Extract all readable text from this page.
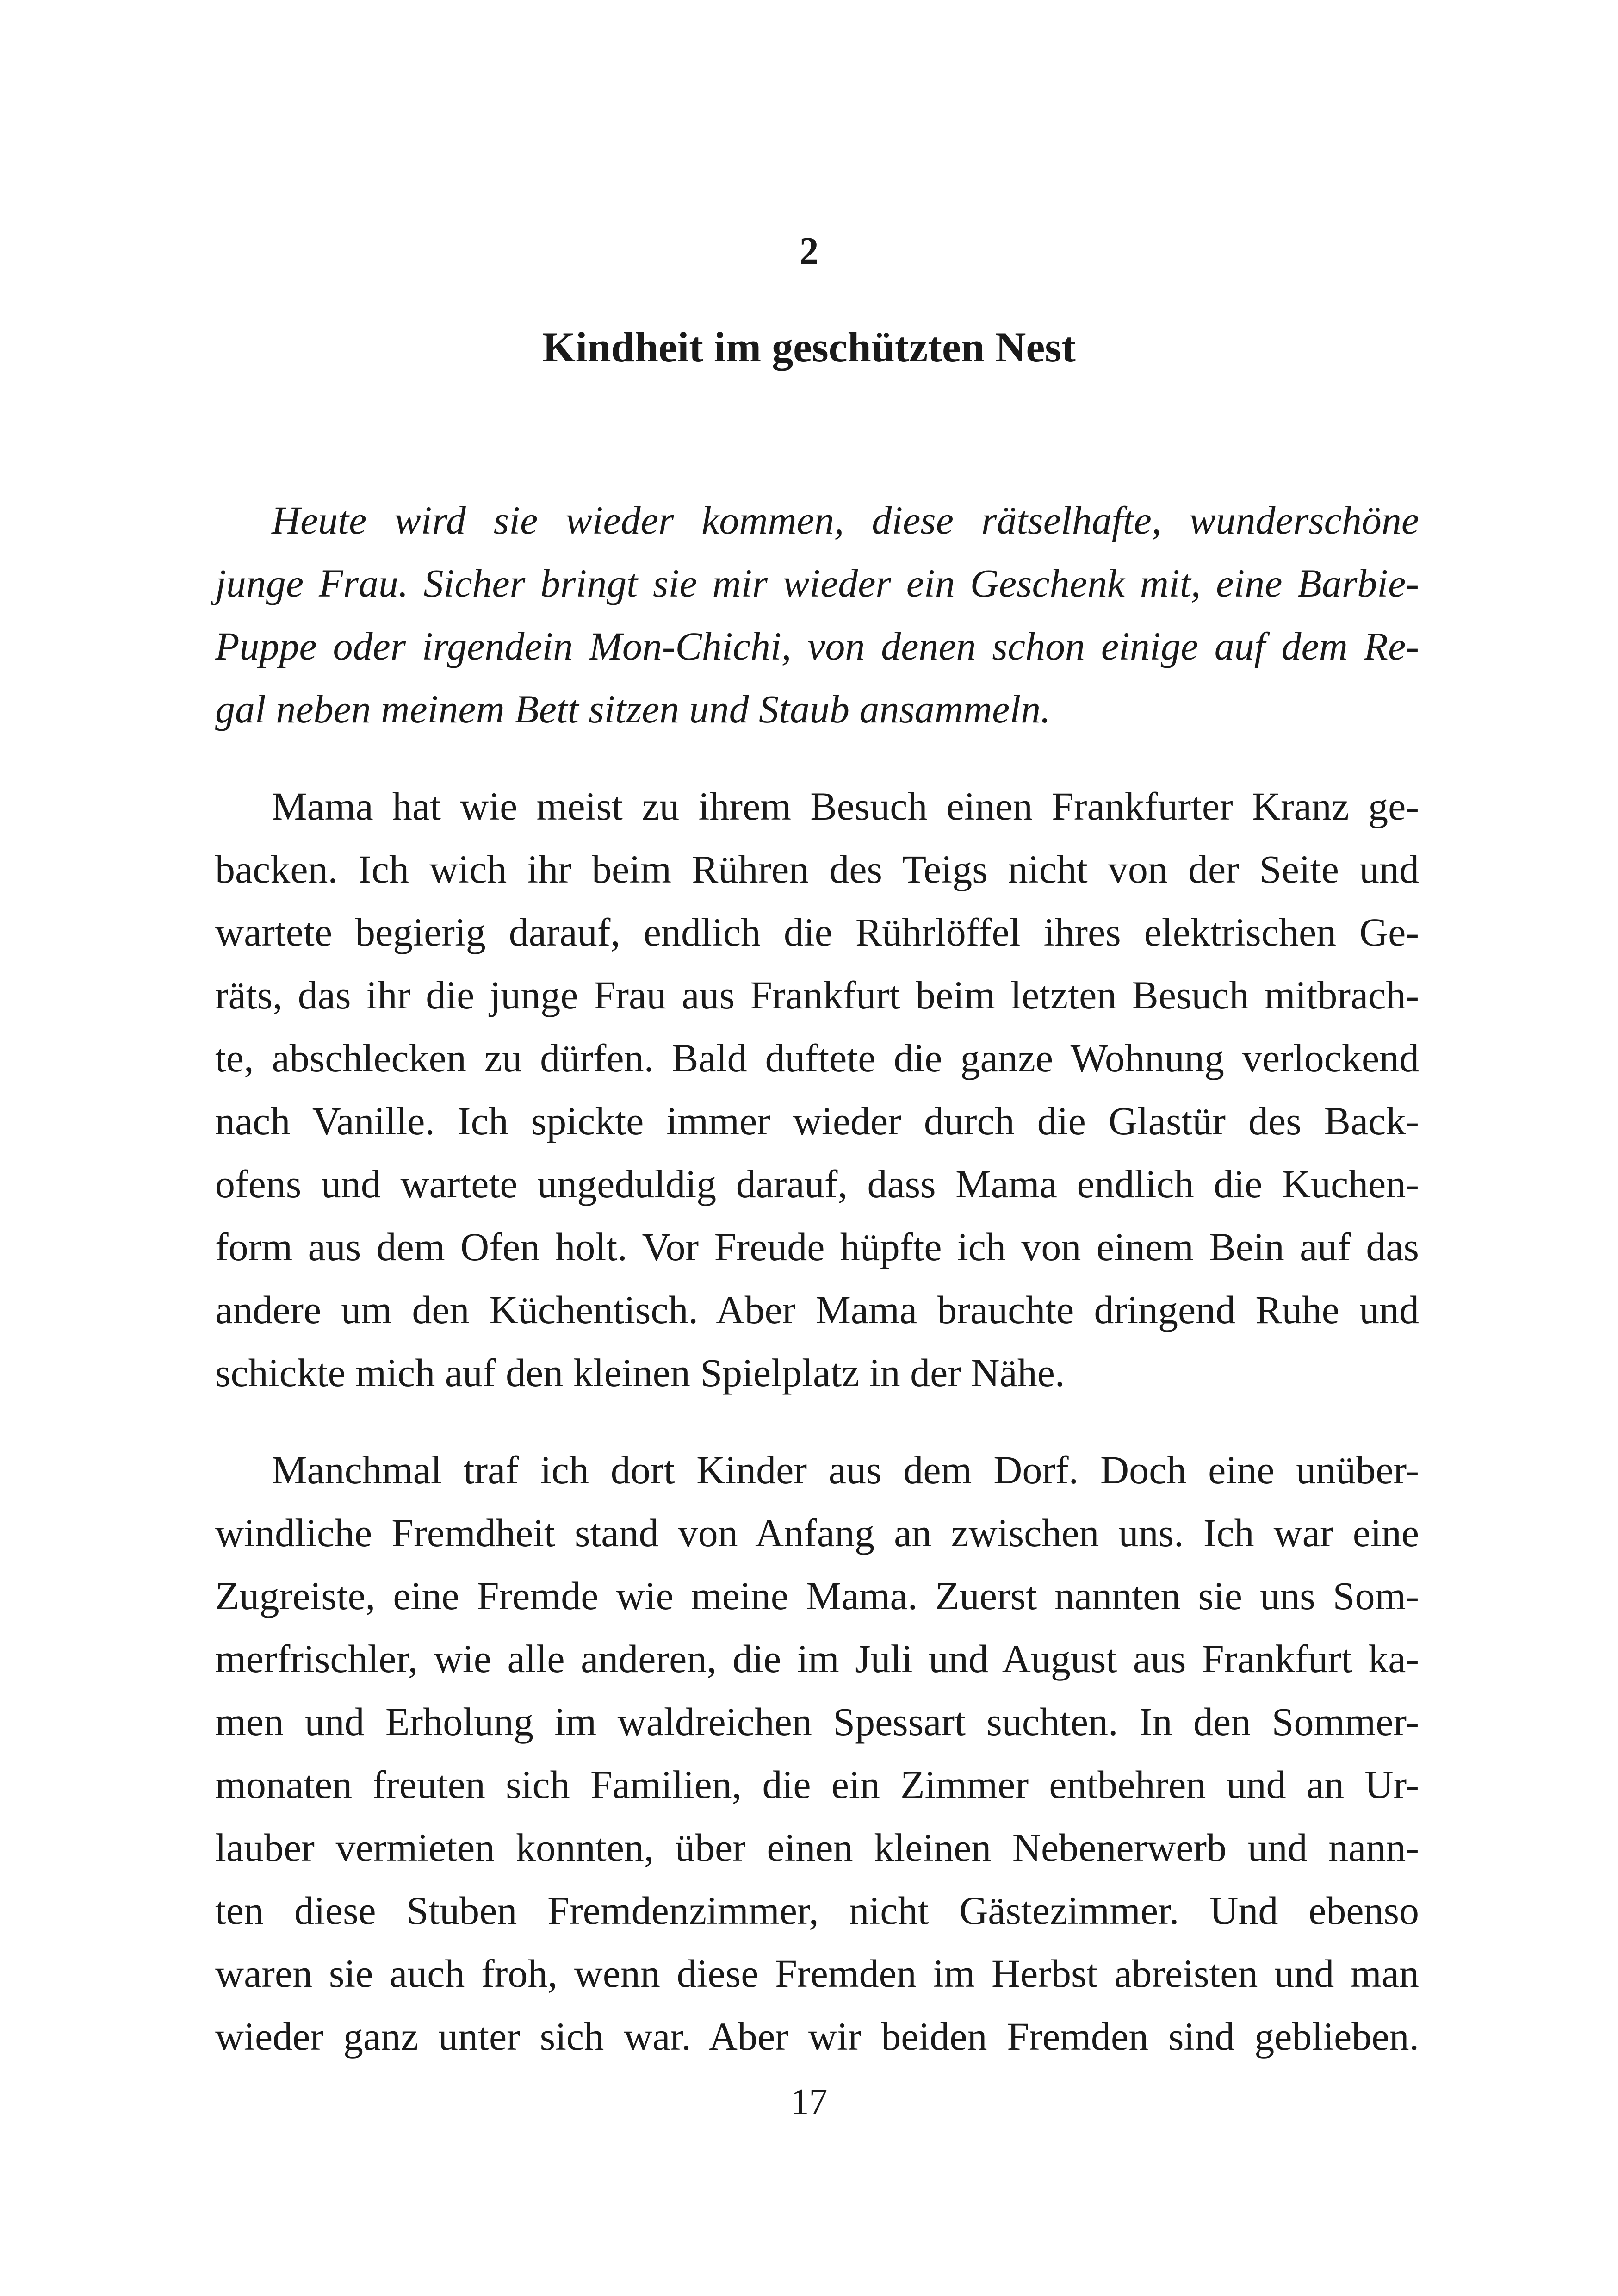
2
Kindheit im geschützten Nest

Heute wird sie wieder kommen, diese rätselhafte, wunderschöne
junge Frau. Sicher bringt sie mir wieder ein Geschenk mit, eine Barbie-
Puppe oder irgendein Mon-Chichi, von denen schon einige auf dem Re-
gal neben meinem Bett sitzen und Staub ansammeln.

Mama hat wie meist zu ihrem Besuch einen Frankfurter Kranz ge-
backen. Ich wich ihr beim Rühren des Teigs nicht von der Seite und
wartete begierig darauf, endlich die Rührlöffel ihres elektrischen Ge-
räts, das ihr die junge Frau aus Frankfurt beim letzten Besuch mitbrach-
te, abschlecken zu dürfen. Bald duftete die ganze Wohnung verlockend
nach Vanille. Ich spickte immer wieder durch die Glastür des Back-
ofens und wartete ungeduldig darauf, dass Mama endlich die Kuchen-
form aus dem Ofen holt. Vor Freude hüpfte ich von einem Bein auf das
andere um den Küchentisch. Aber Mama brauchte dringend Ruhe und
schickte mich auf den kleinen Spielplatz in der Nähe.

Manchmal traf ich dort Kinder aus dem Dorf. Doch eine unüber-
windliche Fremdheit stand von Anfang an zwischen uns. Ich war eine
Zugreiste, eine Fremde wie meine Mama. Zuerst nannten sie uns Som-
merfrischler, wie alle anderen, die im Juli und August aus Frankfurt ka-
men und Erholung im waldreichen Spessart suchten. In den Sommer-
monaten freuten sich Familien, die ein Zimmer entbehren und an Ur-
lauber vermieten konnten, über einen kleinen Nebenerwerb und nann-
ten diese Stuben Fremdenzimmer, nicht Gästezimmer. Und ebenso
waren sie auch froh, wenn diese Fremden im Herbst abreisten und man
wieder ganz unter sich war. Aber wir beiden Fremden sind geblieben.

17
